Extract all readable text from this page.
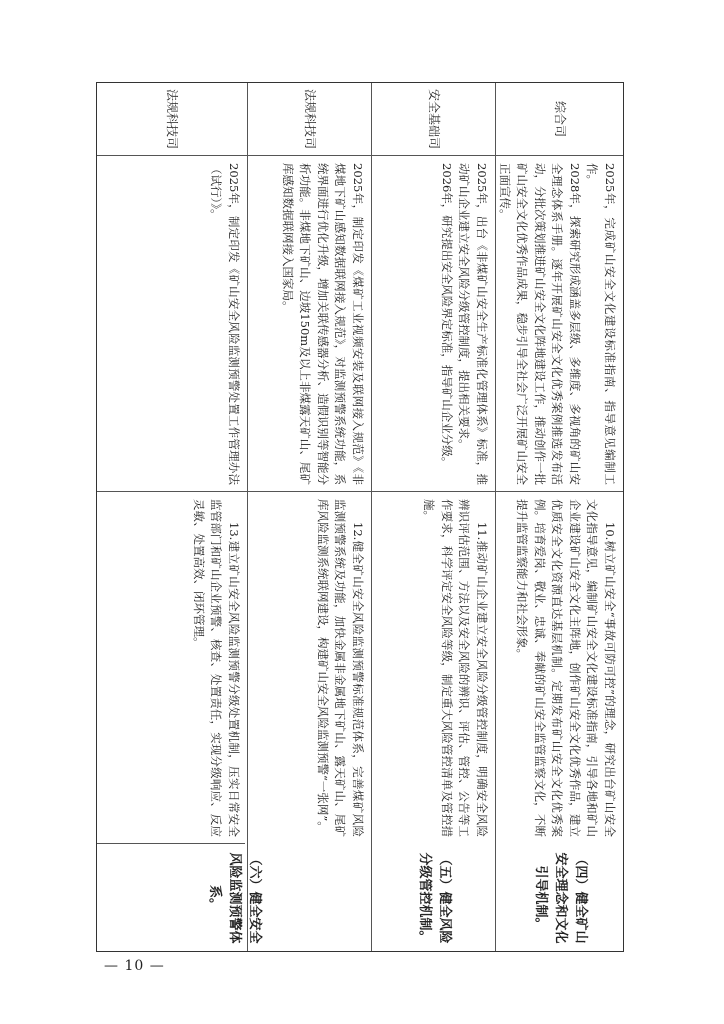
综合司
2025年，完成矿山安全文化建设标准指南、指导意见编制工作。
2028年，探索研究形成涵盖多层级、多维度、多视角的矿山安全理念体系手册。逐年开展矿山安全文化优秀案例推选发布活动，分批次策划推进矿山安全文化阵地建设工作，推动创作一批矿山安全文化优秀作品成果，稳步引导全社会广泛开展矿山安全正面宣传。

10.树立矿山安全“事故可防可控”的理念，研究出台矿山安全文化指导意见，编制矿山安全文化建设标准指南，引导各地和矿山企业建设矿山安全文化主阵地，创作矿山安全文化优秀作品，建立优质安全文化资源直达基层机制。定期发布矿山安全文化优秀案例。培育爱岗、敬业、忠诚、奉献的矿山安全监管监察文化，不断提升监管监察能力和社会形象。

（四）健全矿山安全理念和文化引导机制。
安全基础司
2025年，出台《非煤矿山安全生产标准化管理体系》标准，推动矿山企业建立安全风险分级管控制度，提出相关要求。
2026年，研究提出安全风险界定标准，指导矿山企业分级。

11.推动矿山企业建立安全风险分级管控制度，明确安全风险辨识评估范围、方法以及安全风险的辨识、评估、管控、公告等工作要求，科学评定安全风险等级，制定重大风险管控清单及管控措施。

（五）健全风险分级管控机制。
法规科技司
2025年，制定印发《煤矿工业视频安装及联网接入规范》《非煤地下矿山感知数据联网接入规范》，对监测预警系统功能，系统界面进行优化升级，增加关联传感器分析、造假识别等智能分析功能。非煤地下矿山、边坡150m及以上非煤露天矿山、尾矿库感知数据联网接入国家局。

12.健全矿山安全风险监测预警标准规范体系，完善煤矿风险监测预警系统及功能，加快金属非金属地下矿山、露天矿山、尾矿库风险监测系统联网建设，构建矿山安全风险监测预警“一张网”。

（六）健全安全风险监测预警体系。
法规科技司
2025年，制定印发《矿山安全风险监测预警处置工作管理办法（试行）》。

13.建立矿山安全风险监测预警分级处置机制，压实日常安全监管部门和矿山企业预警、核查、处置责任，实现分级响应、反应灵敏、处置高效、闭环管理。

— 10 —
